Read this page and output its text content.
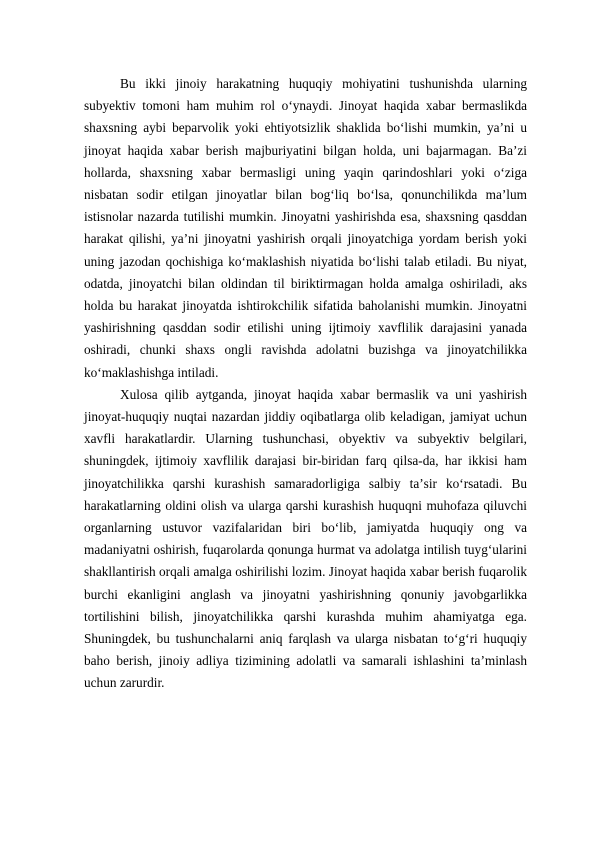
Bu ikki jinoiy harakatning huquqiy mohiyatini tushunishda ularning subyektiv tomoni ham muhim rol oʻynaydi. Jinoyat haqida xabar bermaslikda shaxsning aybi beparvolik yoki ehtiyotsizlik shaklida boʻlishi mumkin, yaʼni u jinoyat haqida xabar berish majburiyatini bilgan holda, uni bajarmagan. Baʼzi hollarda, shaxsning xabar bermasligi uning yaqin qarindoshlari yoki oʻziga nisbatan sodir etilgan jinoyatlar bilan bogʻliq boʻlsa, qonunchilikda maʼlum istisnolar nazarda tutilishi mumkin. Jinoyatni yashirishda esa, shaxsning qasddan harakat qilishi, yaʼni jinoyatni yashirish orqali jinoyatchiga yordam berish yoki uning jazodan qochishiga koʻmaklashish niyatida boʻlishi talab etiladi. Bu niyat, odatda, jinoyatchi bilan oldindan til biriktirmagan holda amalga oshiriladi, aks holda bu harakat jinoyatda ishtirokchilik sifatida baholanishi mumkin. Jinoyatni yashirishning qasddan sodir etilishi uning ijtimoiy xavflilik darajasini yanada oshiradi, chunki shaxs ongli ravishda adolatni buzishga va jinoyatchilikka koʻmaklashishga intiladi.

Xulosa qilib aytganda, jinoyat haqida xabar bermaslik va uni yashirish jinoyat-huquqiy nuqtai nazardan jiddiy oqibatlarga olib keladigan, jamiyat uchun xavfli harakatlardir. Ularning tushunchasi, obyektiv va subyektiv belgilari, shuningdek, ijtimoiy xavflilik darajasi bir-biridan farq qilsa-da, har ikkisi ham jinoyatchilikka qarshi kurashish samaradorligiga salbiy taʼsir koʻrsatadi. Bu harakatlarning oldini olish va ularga qarshi kurashish huquqni muhofaza qiluvchi organlarning ustuvor vazifalaridan biri boʻlib, jamiyatda huquqiy ong va madaniyatni oshirish, fuqarolarda qonunga hurmat va adolatga intilish tuygʻularini shakllantirish orqali amalga oshirilishi lozim. Jinoyat haqida xabar berish fuqarolik burchi ekanligini anglash va jinoyatni yashirishning qonuniy javobgarlikka tortilishini bilish, jinoyatchilikka qarshi kurashda muhim ahamiyatga ega. Shuningdek, bu tushunchalarni aniq farqlash va ularga nisbatan toʻgʻri huquqiy baho berish, jinoiy adliya tizimining adolatli va samarali ishlashini taʼminlash uchun zarurdir.
